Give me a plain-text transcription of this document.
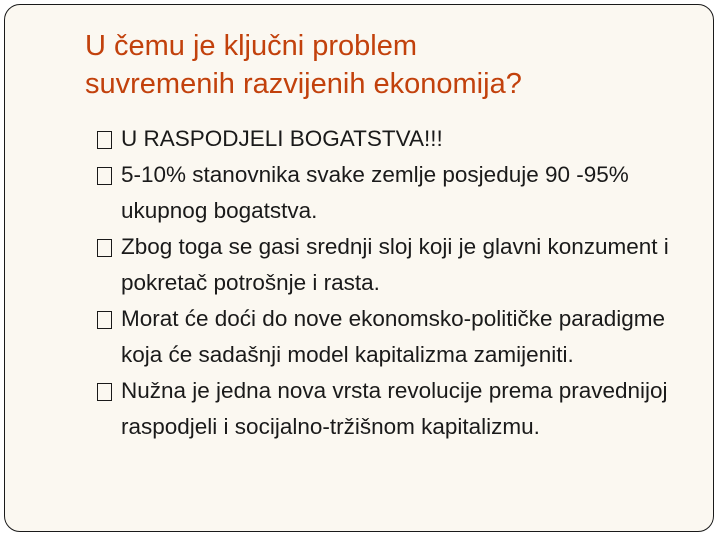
U čemu je ključni problem
suvremenih razvijenih ekonomija?
U RASPODJELI BOGATSTVA!!!
5-10% stanovnika svake zemlje posjeduje 90 -95% ukupnog bogatstva.
Zbog toga se gasi srednji sloj koji je glavni konzument i pokretač potrošnje i rasta.
Morat će doći do nove ekonomsko-političke paradigme koja će sadašnji model kapitalizma zamijeniti.
Nužna je jedna nova vrsta revolucije prema pravednijoj raspodjeli i socijalno-tržišnom kapitalizmu.
